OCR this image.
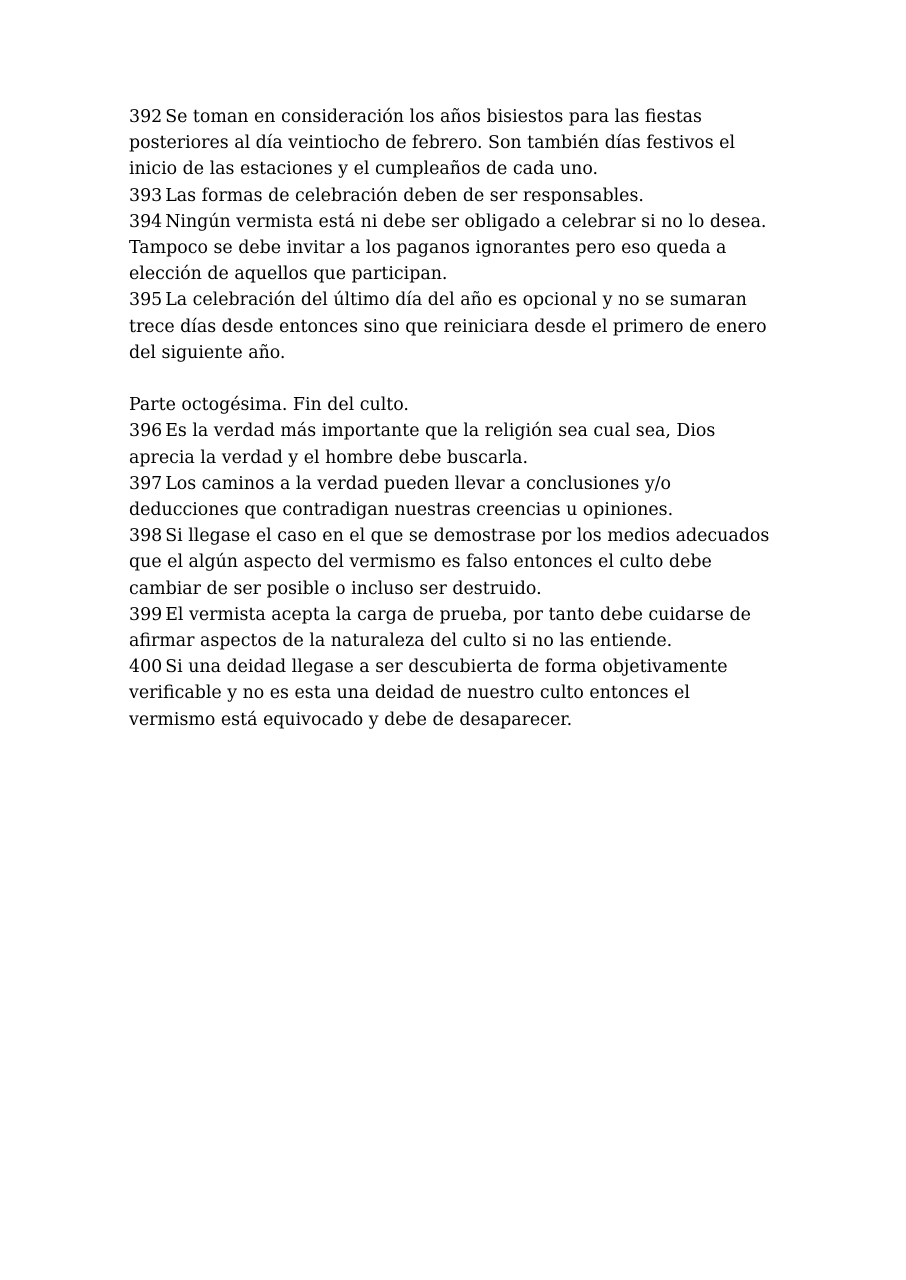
392 Se toman en consideración los años bisiestos para las fiestas posteriores al día veintiocho de febrero. Son también días festivos el inicio de las estaciones y el cumpleaños de cada uno.

393 Las formas de celebración deben de ser responsables.

394 Ningún vermista está ni debe ser obligado a celebrar si no lo desea. Tampoco se debe invitar a los paganos ignorantes pero eso queda a elección de aquellos que participan.

395 La celebración del último día del año es opcional y no se sumaran trece días desde entonces sino que reiniciara desde el primero de enero del siguiente año.

Parte octogésima. Fin del culto.

396 Es la verdad más importante que la religión sea cual sea, Dios aprecia la verdad y el hombre debe buscarla.

397 Los caminos a la verdad pueden llevar a conclusiones y/o deducciones que contradigan nuestras creencias u opiniones.

398 Si llegase el caso en el que se demostrase por los medios adecuados que el algún aspecto del vermismo es falso entonces el culto debe cambiar de ser posible o incluso ser destruido.

399 El vermista acepta la carga de prueba, por tanto debe cuidarse de afirmar aspectos de la naturaleza del culto si no las entiende.

400 Si una deidad llegase a ser descubierta de forma objetivamente verificable y no es esta una deidad de nuestro culto entonces el vermismo está equivocado y debe de desaparecer.
